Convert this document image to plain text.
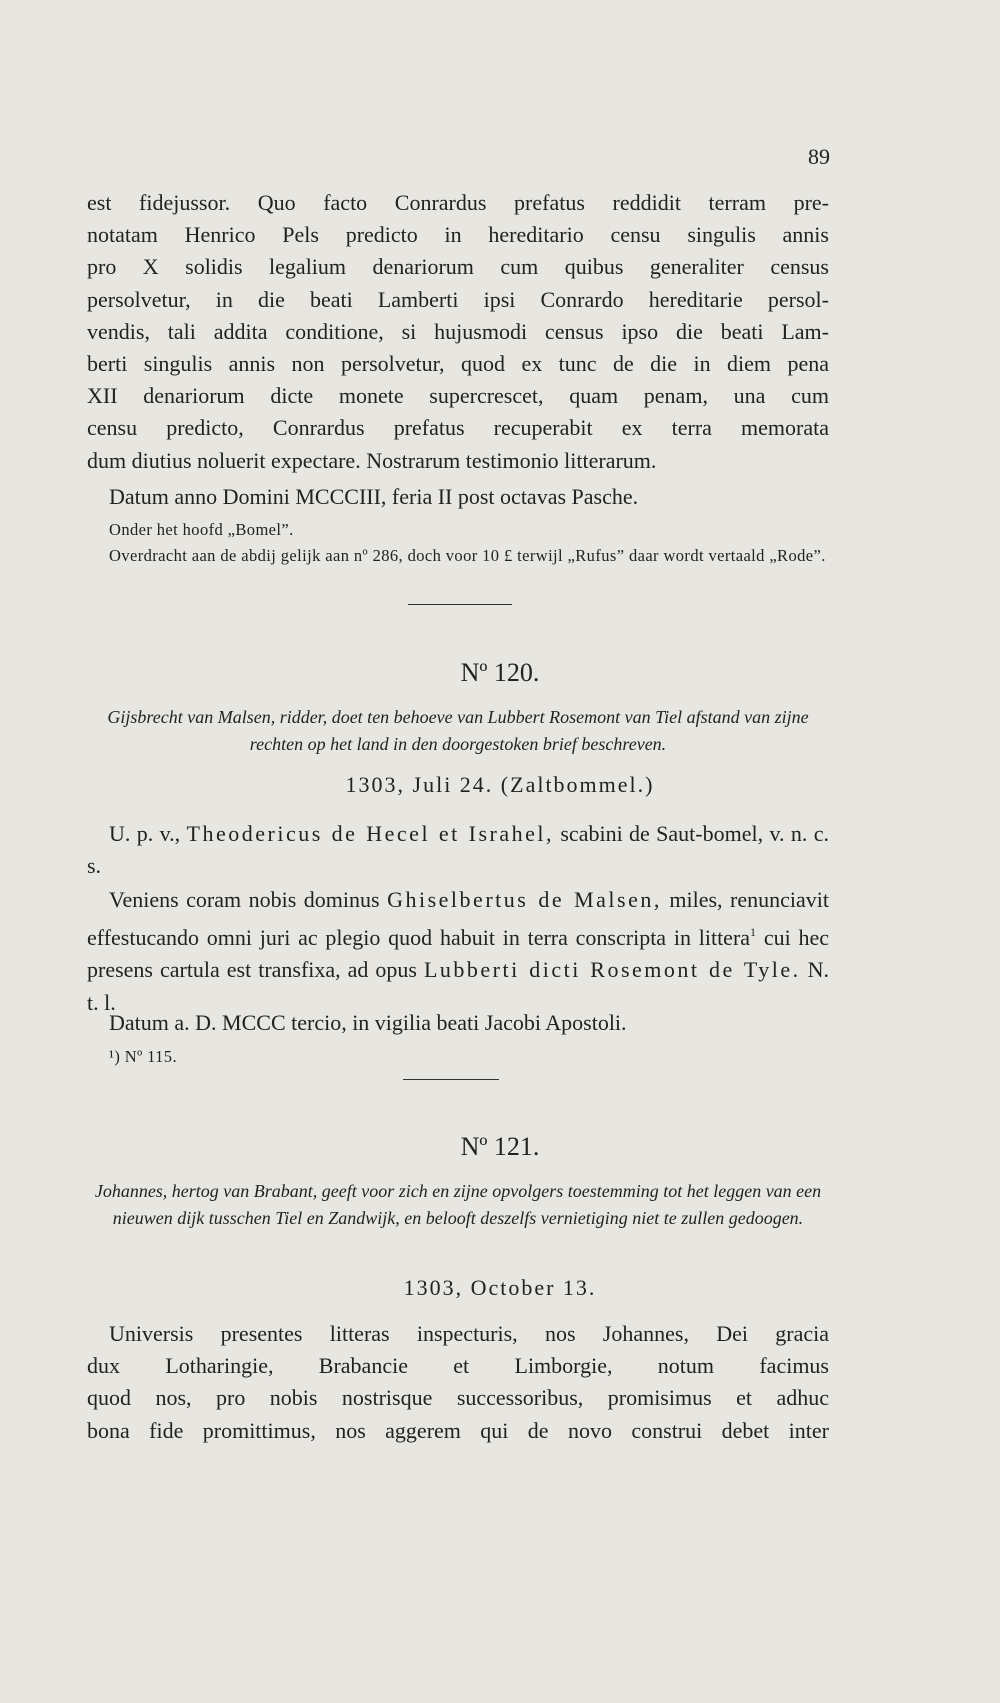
89
est fidejussor. Quo facto Conrardus prefatus reddidit terram pre-
notatam Henrico Pels predicto in hereditario censu singulis annis
pro X solidis legalium denariorum cum quibus generaliter census
persolvetur, in die beati Lamberti ipsi Conrardo hereditarie persol-
vendis, tali addita conditione, si hujusmodi census ipso die beati Lam-
berti singulis annis non persolvetur, quod ex tunc de die in diem pena
XII denariorum dicte monete supercrescet, quam penam, una cum
censu predicto, Conrardus prefatus recuperabit ex terra memorata
dum diutius noluerit expectare. Nostrarum testimonio litterarum.
Datum anno Domini MCCCIII, feria II post octavas Pasche.
Onder het hoofd „Bomel”.
Overdracht aan de abdij gelijk aan nº 286, doch voor 10 £ terwijl „Rufus” daar wordt vertaald „Rode”.
Nº 120.
Gijsbrecht van Malsen, ridder, doet ten behoeve van Lubbert Rosemont van Tiel afstand van zijne rechten op het land in den doorgestoken brief beschreven.
1303, Juli 24. (Zaltbommel.)
U. p. v., Theodericus de Hecel et Israhel, scabini de Saut-bomel, v. n. c. s.
Veniens coram nobis dominus Ghiselbertus de Malsen, miles, renunciavit effestucando omni juri ac plegio quod habuit in terra conscripta in littera$^1$ cui hec presens cartula est transfixa, ad opus Lubberti dicti Rosemont de Tyle. N. t. l.
Datum a. D. MCCC tercio, in vigilia beati Jacobi Apostoli.
¹) Nº 115.
Nº 121.
Johannes, hertog van Brabant, geeft voor zich en zijne opvolgers toestemming tot het leggen van een nieuwen dijk tusschen Tiel en Zandwijk, en belooft deszelfs vernietiging niet te zullen gedoogen.
1303, October 13.
Universis presentes litteras inspecturis, nos Johannes, Dei gracia
dux Lotharingie, Brabancie et Limborgie, notum facimus
quod nos, pro nobis nostrisque successoribus, promisimus et adhuc
bona fide promittimus, nos aggerem qui de novo construi debet inter
